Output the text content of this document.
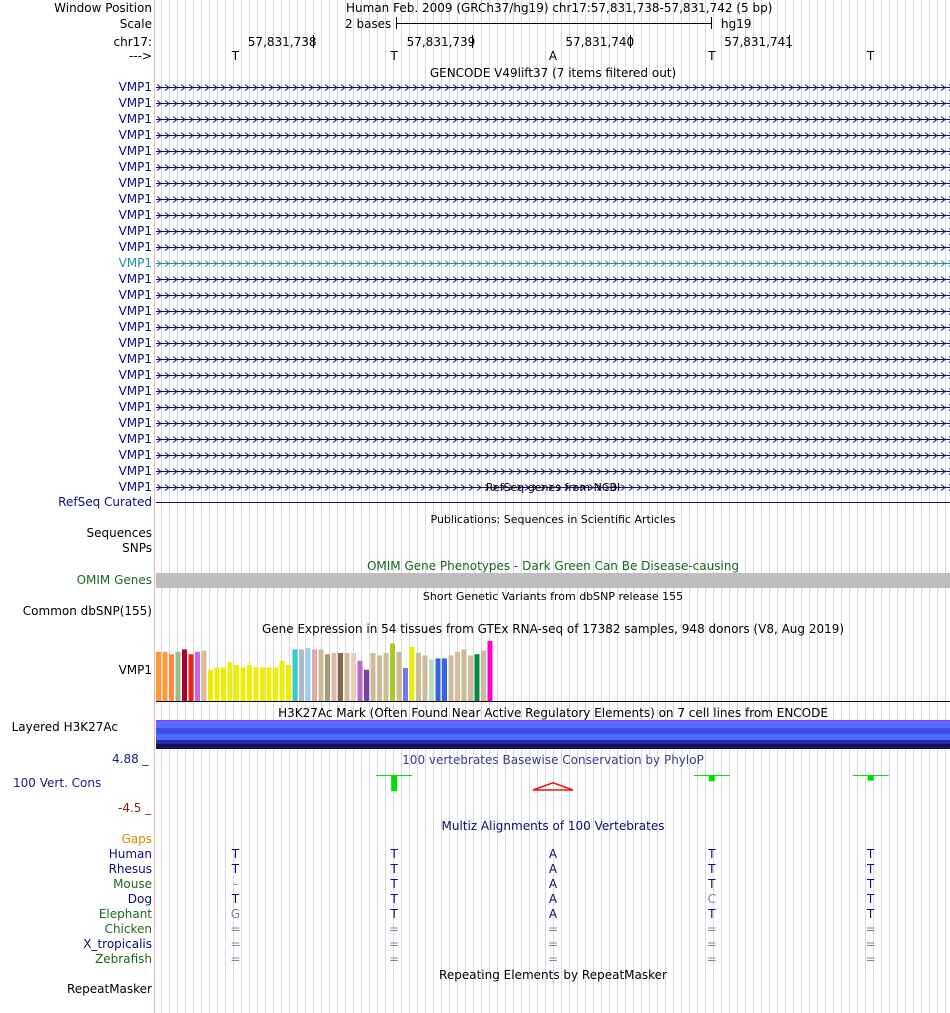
Window Position	Human Feb. 2009 (GRCh37/hg19) chr17:57,831,738-57,831,742 (5 bp)
Scale	2 bases	hg19
chr17:	57,831,738	57,831,739	57,831,740	57,831,741
--->	T	T	A	T	T
GENCODE V49lift37 (7 items filtered out)
VMP1
VMP1
VMP1
VMP1
VMP1
VMP1
VMP1
VMP1
VMP1
VMP1
VMP1
VMP1
VMP1
VMP1
VMP1
VMP1
VMP1
VMP1
VMP1
VMP1
VMP1
VMP1
VMP1
VMP1
VMP1
VMP1	RefSeq genes from NCBI
RefSeq Curated
Publications: Sequences in Scientific Articles
Sequences
SNPs
OMIM Gene Phenotypes - Dark Green Can Be Disease-causing
OMIM Genes
Short Genetic Variants from dbSNP release 155
Common dbSNP(155)
Gene Expression in 54 tissues from GTEx RNA-seq of 17382 samples, 948 donors (V8, Aug 2019)
VMP1
H3K27Ac Mark (Often Found Near Active Regulatory Elements) on 7 cell lines from ENCODE
Layered H3K27Ac
4.88 _	100 vertebrates Basewise Conservation by PhyloP
100 Vert. Cons
-4.5 _
Multiz Alignments of 100 Vertebrates
Gaps
Human	T	T	A	T	T
Rhesus	T	T	A	T	T
Mouse	-	T	A	T	T
Dog	T	T	A	C	T
Elephant	G	T	A	T	T
Chicken	=	=	=	=	=
X_tropicalis	=	=	=	=	=
Zebrafish	=	=	=	=	=
Repeating Elements by RepeatMasker
RepeatMasker
